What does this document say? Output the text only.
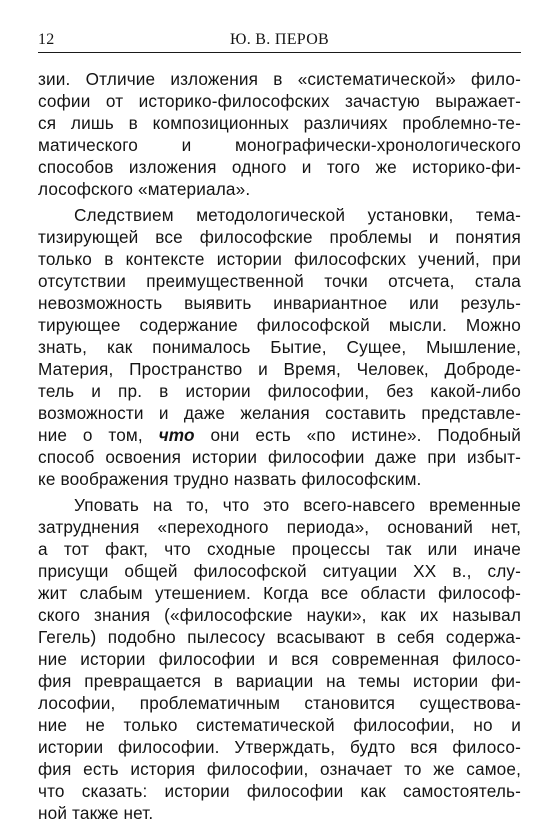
12	Ю. В. ПЕРОВ
зии. Отличие изложения в «систематической» фило-
софии от историко-философских зачастую выражает-
ся лишь в композиционных различиях проблемно-те-
матического и монографически-хронологического
способов изложения одного и того же историко-фи-
лософского «материала».
Следствием методологической установки, тема-
тизирующей все философские проблемы и понятия
только в контексте истории философских учений, при
отсутствии преимущественной точки отсчета, стала
невозможность выявить инвариантное или резуль-
тирующее содержание философской мысли. Можно
знать, как понималось Бытие, Сущее, Мышление,
Материя, Пространство и Время, Человек, Доброде-
тель и пр. в истории философии, без какой-либо
возможности и даже желания составить представле-
ние о том, что они есть «по истине». Подобный
способ освоения истории философии даже при избыт-
ке воображения трудно назвать философским.
Уповать на то, что это всего-навсего временные
затруднения «переходного периода», оснований нет,
а тот факт, что сходные процессы так или иначе
присущи общей философской ситуации XX в., слу-
жит слабым утешением. Когда все области философ-
ского знания («философские науки», как их называл
Гегель) подобно пылесосу всасывают в себя содержа-
ние истории философии и вся современная филосо-
фия превращается в вариации на темы истории фи-
лософии, проблематичным становится существова-
ние не только систематической философии, но и
истории философии. Утверждать, будто вся филосо-
фия есть история философии, означает то же самое,
что сказать: истории философии как самостоятель-
ной также нет.
